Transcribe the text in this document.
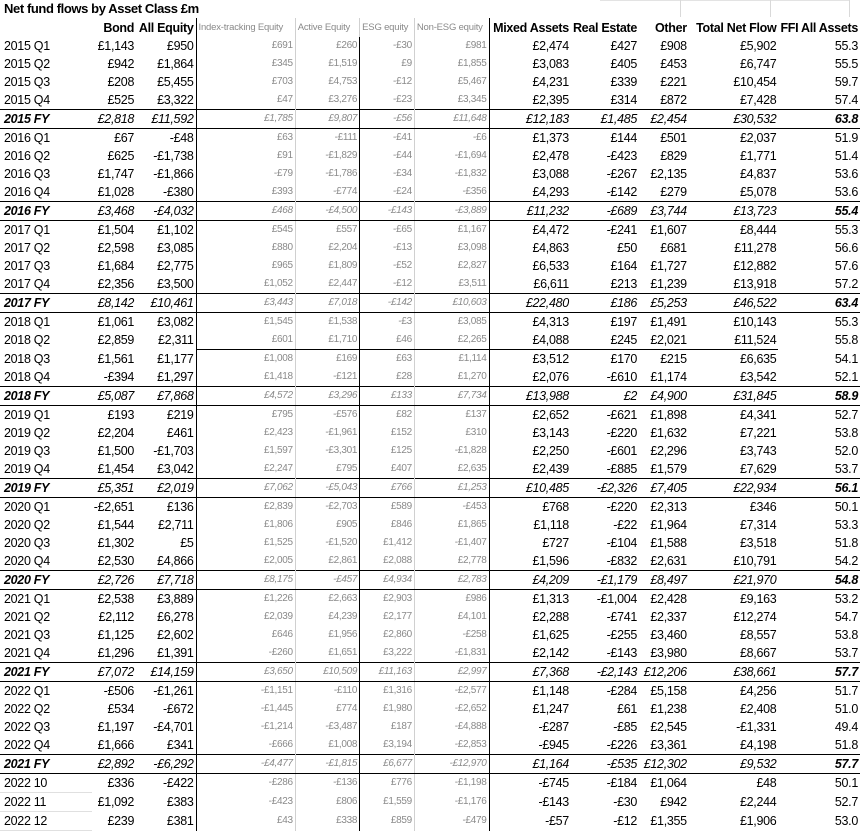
Net fund flows by Asset Class £m
	Bond	All Equity	Index-tracking Equity	Active Equity	ESG equity	Non-ESG equity	Mixed Assets	Real Estate	Other	Total Net Flow	FFI All Assets
2015 Q1	£1,143	£950	£691	£260	-£30	£981	£2,474	£427	£908	£5,902	55.3
2015 Q2	£942	£1,864	£345	£1,519	£9	£1,855	£3,083	£405	£453	£6,747	55.5
2015 Q3	£208	£5,455	£703	£4,753	-£12	£5,467	£4,231	£339	£221	£10,454	59.7
2015 Q4	£525	£3,322	£47	£3,276	-£23	£3,345	£2,395	£314	£872	£7,428	57.4
2015 FY	£2,818	£11,592	£1,785	£9,807	-£56	£11,648	£12,183	£1,485	£2,454	£30,532	63.8
2016 Q1	£67	-£48	£63	-£111	-£41	-£6	£1,373	£144	£501	£2,037	51.9
2016 Q2	£625	-£1,738	£91	-£1,829	-£44	-£1,694	£2,478	-£423	£829	£1,771	51.4
2016 Q3	£1,747	-£1,866	-£79	-£1,786	-£34	-£1,832	£3,088	-£267	£2,135	£4,837	53.6
2016 Q4	£1,028	-£380	£393	-£774	-£24	-£356	£4,293	-£142	£279	£5,078	53.6
2016 FY	£3,468	-£4,032	£468	-£4,500	-£143	-£3,889	£11,232	-£689	£3,744	£13,723	55.4
2017 Q1	£1,504	£1,102	£545	£557	-£65	£1,167	£4,472	-£241	£1,607	£8,444	55.3
2017 Q2	£2,598	£3,085	£880	£2,204	-£13	£3,098	£4,863	£50	£681	£11,278	56.6
2017 Q3	£1,684	£2,775	£965	£1,809	-£52	£2,827	£6,533	£164	£1,727	£12,882	57.6
2017 Q4	£2,356	£3,500	£1,052	£2,447	-£12	£3,511	£6,611	£213	£1,239	£13,918	57.2
2017 FY	£8,142	£10,461	£3,443	£7,018	-£142	£10,603	£22,480	£186	£5,253	£46,522	63.4
2018 Q1	£1,061	£3,082	£1,545	£1,538	-£3	£3,085	£4,313	£197	£1,491	£10,143	55.3
2018 Q2	£2,859	£2,311	£601	£1,710	£46	£2,265	£4,088	£245	£2,021	£11,524	55.8
2018 Q3	£1,561	£1,177	£1,008	£169	£63	£1,114	£3,512	£170	£215	£6,635	54.1
2018 Q4	-£394	£1,297	£1,418	-£121	£28	£1,270	£2,076	-£610	£1,174	£3,542	52.1
2018 FY	£5,087	£7,868	£4,572	£3,296	£133	£7,734	£13,988	£2	£4,900	£31,845	58.9
2019 Q1	£193	£219	£795	-£576	£82	£137	£2,652	-£621	£1,898	£4,341	52.7
2019 Q2	£2,204	£461	£2,423	-£1,961	£152	£310	£3,143	-£220	£1,632	£7,221	53.8
2019 Q3	£1,500	-£1,703	£1,597	-£3,301	£125	-£1,828	£2,250	-£601	£2,296	£3,743	52.0
2019 Q4	£1,454	£3,042	£2,247	£795	£407	£2,635	£2,439	-£885	£1,579	£7,629	53.7
2019 FY	£5,351	£2,019	£7,062	-£5,043	£766	£1,253	£10,485	-£2,326	£7,405	£22,934	56.1
2020 Q1	-£2,651	£136	£2,839	-£2,703	£589	-£453	£768	-£220	£2,313	£346	50.1
2020 Q2	£1,544	£2,711	£1,806	£905	£846	£1,865	£1,118	-£22	£1,964	£7,314	53.3
2020 Q3	£1,302	£5	£1,525	-£1,520	£1,412	-£1,407	£727	-£104	£1,588	£3,518	51.8
2020 Q4	£2,530	£4,866	£2,005	£2,861	£2,088	£2,778	£1,596	-£832	£2,631	£10,791	54.2
2020 FY	£2,726	£7,718	£8,175	-£457	£4,934	£2,783	£4,209	-£1,179	£8,497	£21,970	54.8
2021 Q1	£2,538	£3,889	£1,226	£2,663	£2,903	£986	£1,313	-£1,004	£2,428	£9,163	53.2
2021 Q2	£2,112	£6,278	£2,039	£4,239	£2,177	£4,101	£2,288	-£741	£2,337	£12,274	54.7
2021 Q3	£1,125	£2,602	£646	£1,956	£2,860	-£258	£1,625	-£255	£3,460	£8,557	53.8
2021 Q4	£1,296	£1,391	-£260	£1,651	£3,222	-£1,831	£2,142	-£143	£3,980	£8,667	53.7
2021 FY	£7,072	£14,159	£3,650	£10,509	£11,163	£2,997	£7,368	-£2,143	£12,206	£38,661	57.7
2022 Q1	-£506	-£1,261	-£1,151	-£110	£1,316	-£2,577	£1,148	-£284	£5,158	£4,256	51.7
2022 Q2	£534	-£672	-£1,445	£774	£1,980	-£2,652	£1,247	£61	£1,238	£2,408	51.0
2022 Q3	£1,197	-£4,701	-£1,214	-£3,487	£187	-£4,888	-£287	-£85	£2,545	-£1,331	49.4
2022 Q4	£1,666	£341	-£666	£1,008	£3,194	-£2,853	-£945	-£226	£3,361	£4,198	51.8
2021 FY	£2,892	-£6,292	-£4,477	-£1,815	£6,677	-£12,970	£1,164	-£535	£12,302	£9,532	57.7
2022 10	£336	-£422	-£286	-£136	£776	-£1,198	-£745	-£184	£1,064	£48	50.1
2022 11	£1,092	£383	-£423	£806	£1,559	-£1,176	-£143	-£30	£942	£2,244	52.7
2022 12	£239	£381	£43	£338	£859	-£479	-£57	-£12	£1,355	£1,906	53.0
